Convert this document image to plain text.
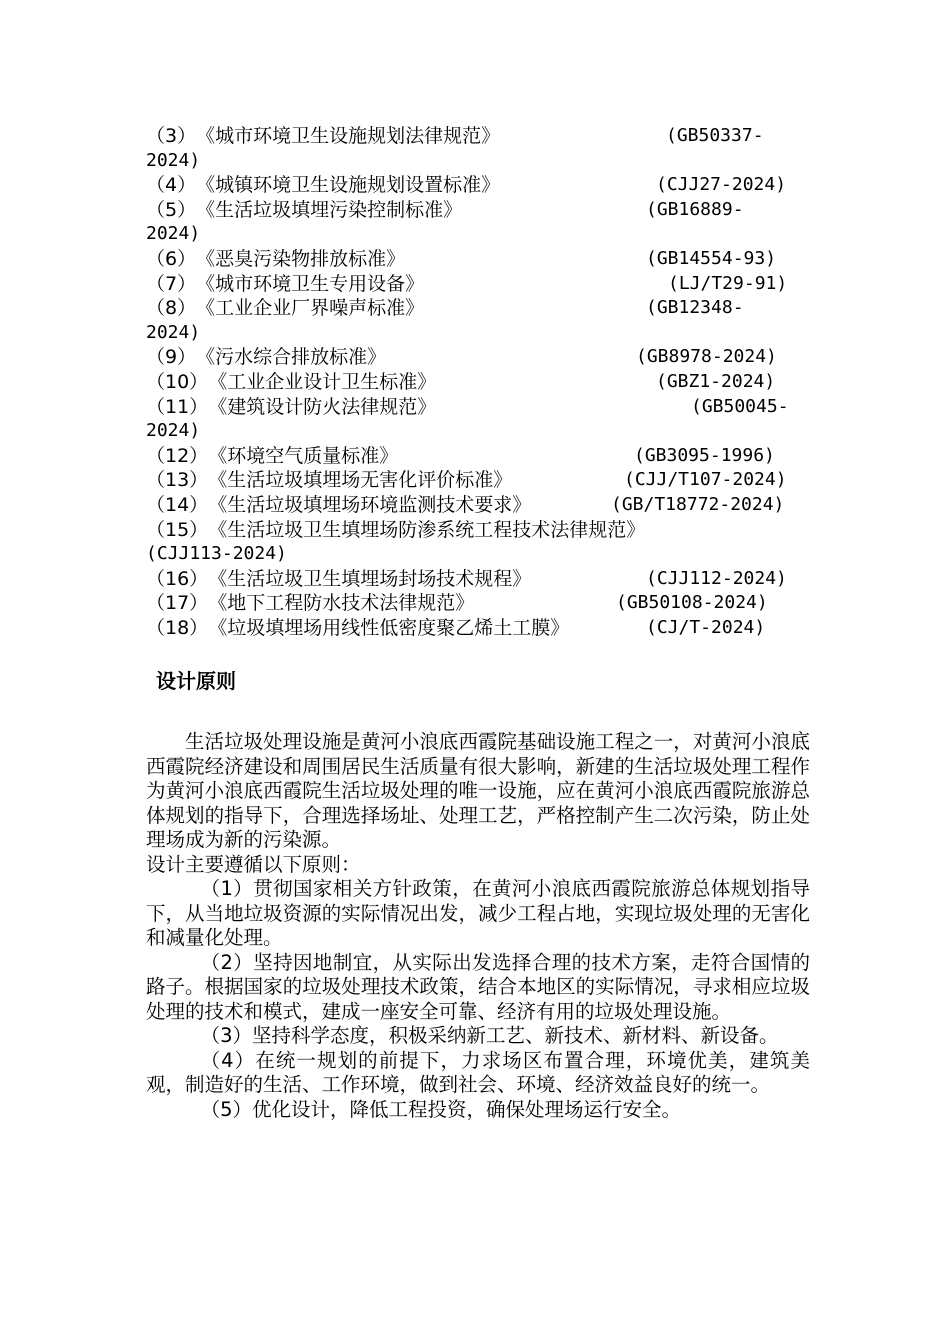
（3）《城市环境卫生设施规划法律规范》	(GB50337-
2024)
（4）《城镇环境卫生设施规划设置标准》	(CJJ27-2024)
（5）《生活垃圾填埋污染控制标准》	(GB16889-
2024)
（6）《恶臭污染物排放标准》	(GB14554-93)
（7）《城市环境卫生专用设备》	(LJ/T29-91)
（8）《工业企业厂界噪声标准》	(GB12348-
2024)
（9）《污水综合排放标准》	(GB8978-2024)
（10）《工业企业设计卫生标准》	(GBZ1-2024)
（11）《建筑设计防火法律规范》	(GB50045-
2024)
（12）《环境空气质量标准》	(GB3095-1996)
（13）《生活垃圾填埋场无害化评价标准》	(CJJ/T107-2024)
（14）《生活垃圾填埋场环境监测技术要求》	(GB/T18772-2024)
（15）《生活垃圾卫生填埋场防渗系统工程技术法律规范》
(CJJ113-2024)
（16）《生活垃圾卫生填埋场封场技术规程》	(CJJ112-2024)
（17）《地下工程防水技术法律规范》	(GB50108-2024)
（18）《垃圾填埋场用线性低密度聚乙烯土工膜》	(CJ/T-2024)
设计原则

生活垃圾处理设施是黄河小浪底西霞院基础设施工程之一，对黄河小浪底西霞院经济建设和周围居民生活质量有很大影响，新建的生活垃圾处理工程作为黄河小浪底西霞院生活垃圾处理的唯一设施，应在黄河小浪底西霞院旅游总体规划的指导下，合理选择场址、处理工艺，严格控制产生二次污染，防止处理场成为新的污染源。

设计主要遵循以下原则：

（1）贯彻国家相关方针政策，在黄河小浪底西霞院旅游总体规划指导下，从当地垃圾资源的实际情况出发，减少工程占地，实现垃圾处理的无害化和减量化处理。

（2）坚持因地制宜，从实际出发选择合理的技术方案，走符合国情的路子。根据国家的垃圾处理技术政策，结合本地区的实际情况，寻求相应垃圾处理的技术和模式，建成一座安全可靠、经济有用的垃圾处理设施。

（3）坚持科学态度，积极采纳新工艺、新技术、新材料、新设备。

（4）在统一规划的前提下，力求场区布置合理，环境优美，建筑美观，制造好的生活、工作环境，做到社会、环境、经济效益良好的统一。

（5）优化设计，降低工程投资，确保处理场运行安全。
